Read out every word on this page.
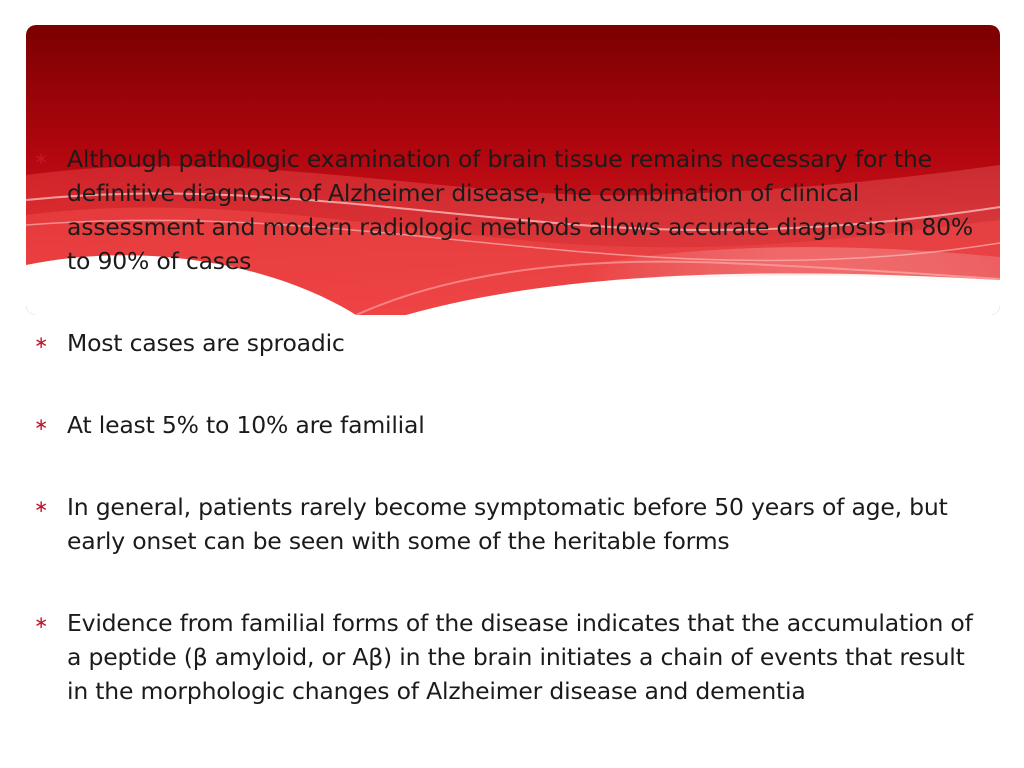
∗ Although pathologic examination of brain tissue remains necessary for the definitive diagnosis of Alzheimer disease, the combination of clinical assessment and modern radiologic methods allows accurate diagnosis in 80% to 90% of cases
∗ Most cases are sproadic
∗ At least 5% to 10% are familial
∗ In general, patients rarely become symptomatic before 50 years of age, but early onset can be seen with some of the heritable forms
∗ Evidence from familial forms of the disease indicates that the accumulation of a peptide (β amyloid, or Aβ) in the brain initiates a chain of events that result in the morphologic changes of Alzheimer disease and dementia
